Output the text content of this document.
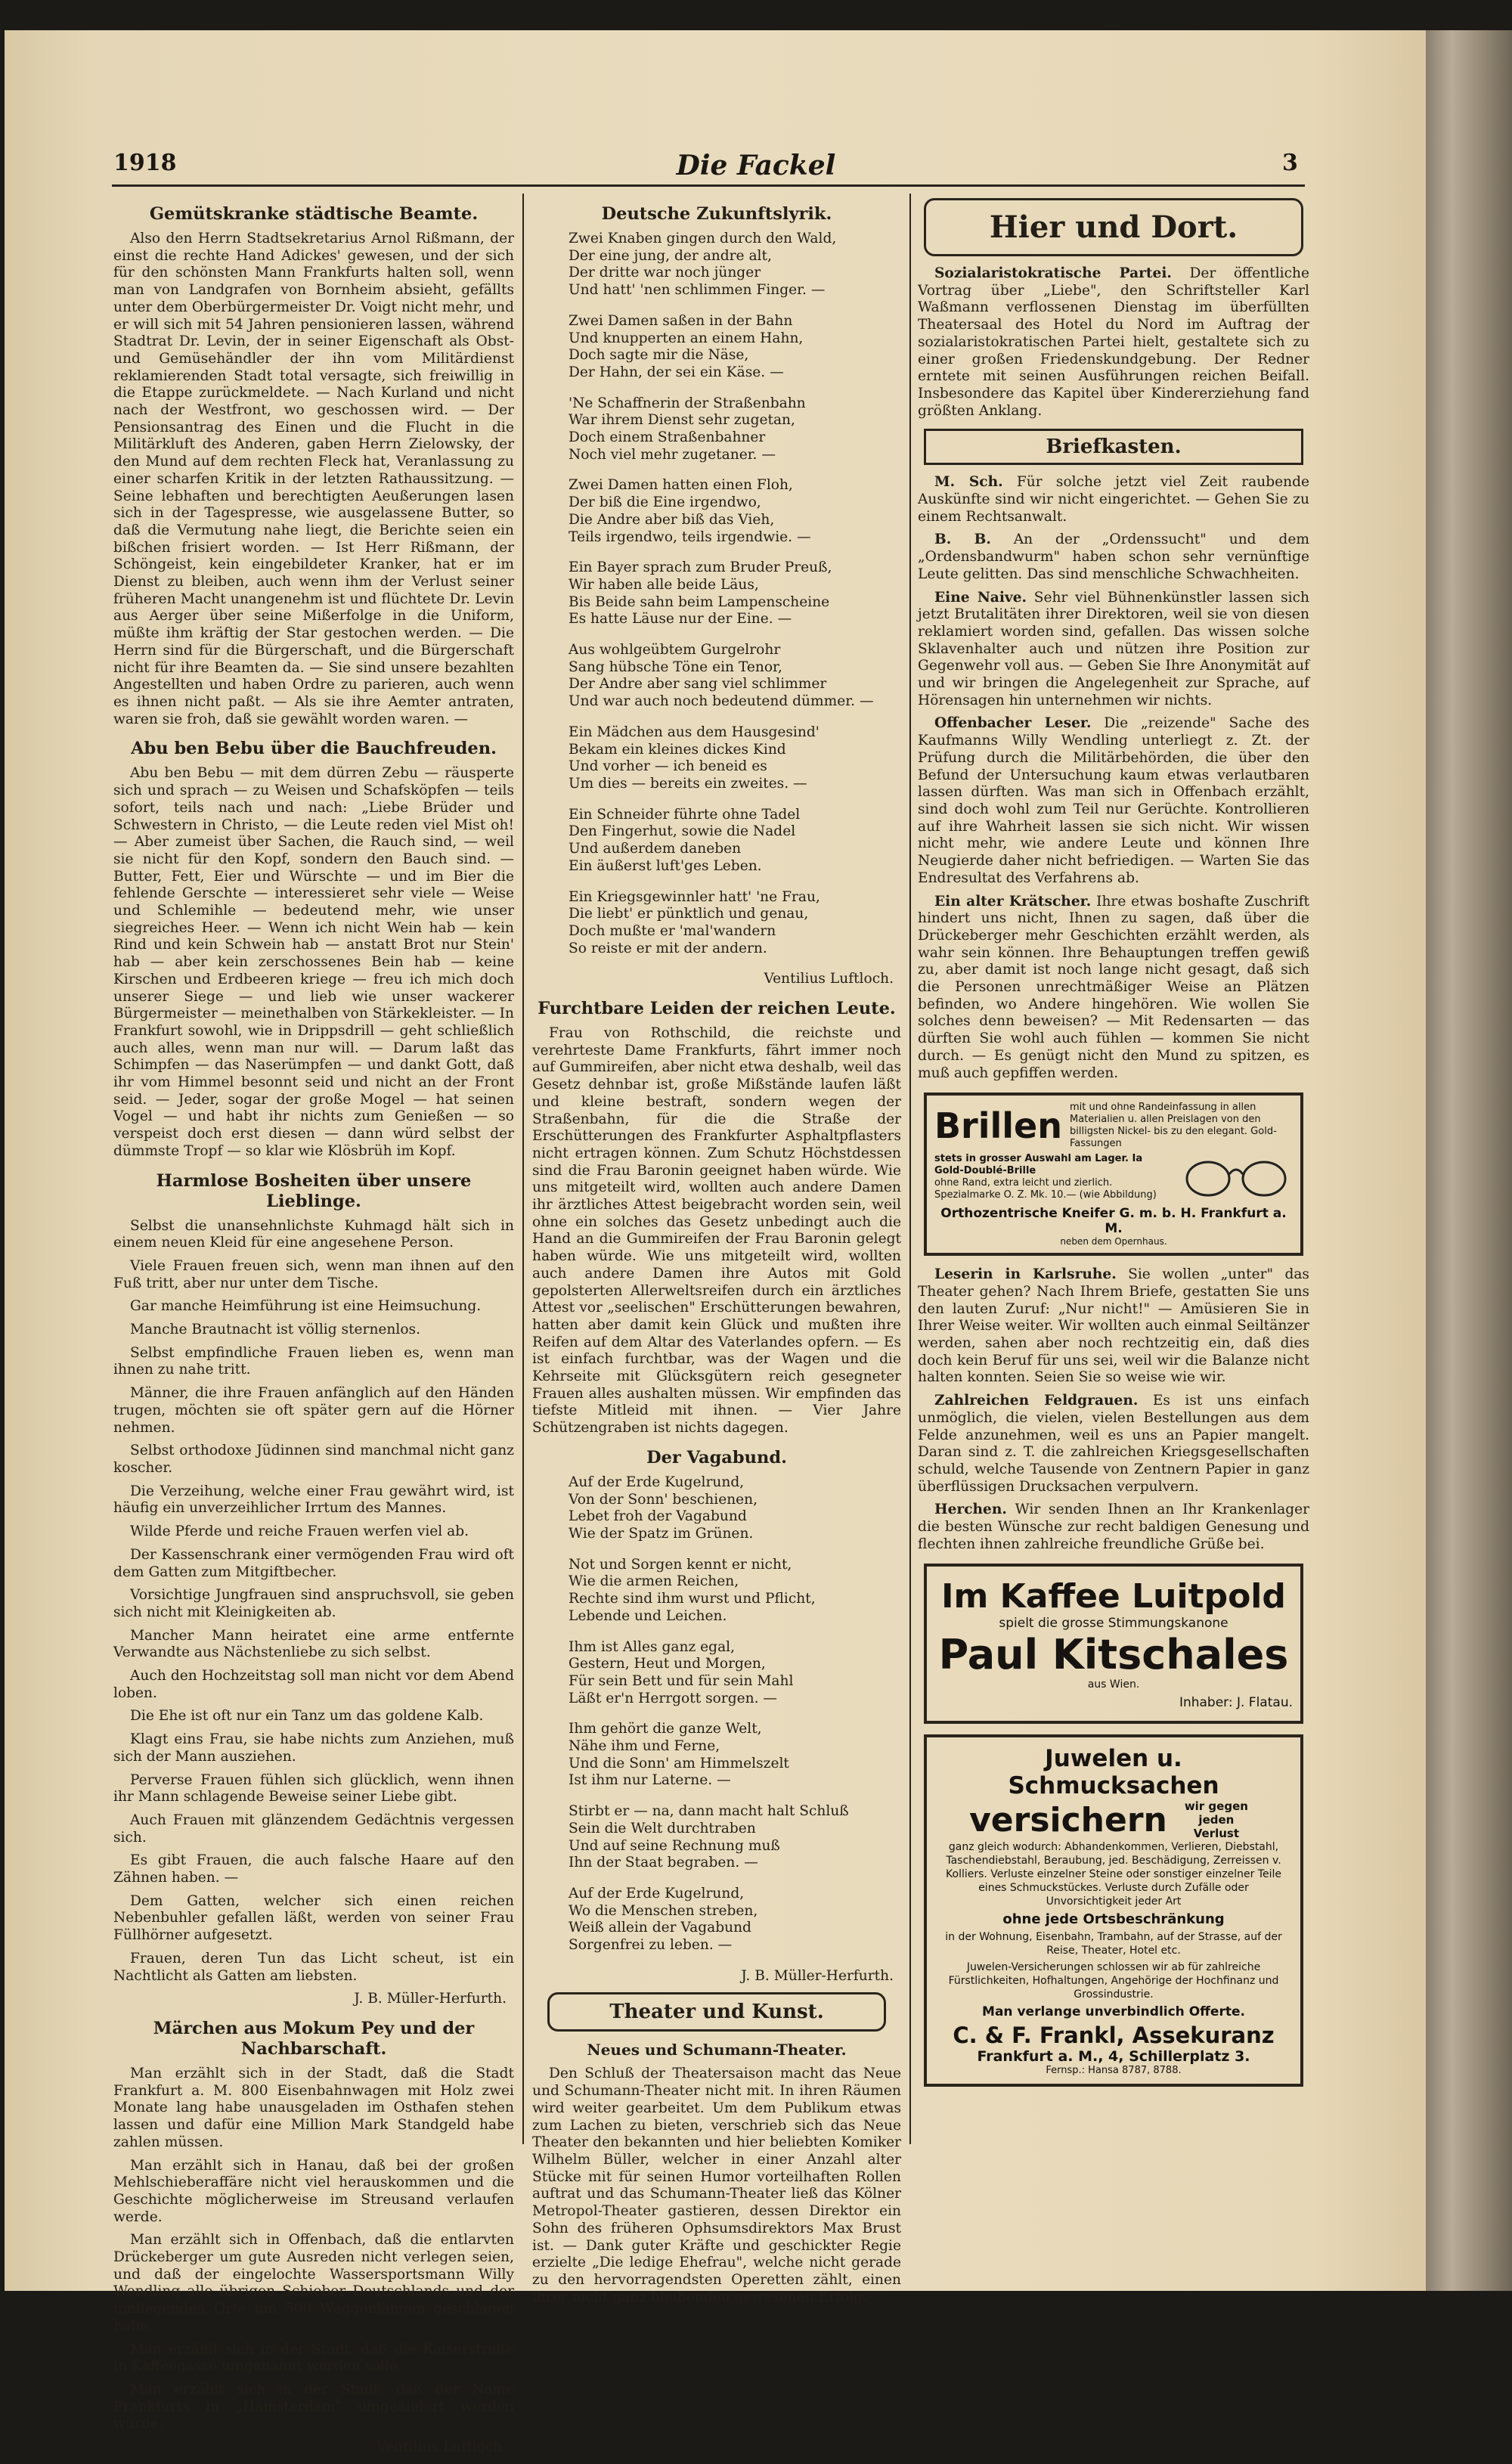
1918	Die Fackel	3
Gemütskranke städtische Beamte.

Also den Herrn Stadtsekretarius Arnol Rißmann, der einst die rechte Hand Adickes' gewesen, und der sich für den schönsten Mann Frankfurts halten soll, wenn man von Landgrafen von Bornheim absieht, gefällts unter dem Oberbürgermeister Dr. Voigt nicht mehr, und er will sich mit 54 Jahren pensionieren lassen, während Stadtrat Dr. Levin, der in seiner Eigenschaft als Obst- und Gemüsehändler der ihn vom Militärdienst reklamierenden Stadt total versagte, sich freiwillig in die Etappe zurückmeldete. — Nach Kurland und nicht nach der Westfront, wo geschossen wird. — Der Pensionsantrag des Einen und die Flucht in die Militärkluft des Anderen, gaben Herrn Zielowsky, der den Mund auf dem rechten Fleck hat, Veranlassung zu einer scharfen Kritik in der letzten Rathaussitzung. — Seine lebhaften und berechtigten Aeußerungen lasen sich in der Tagespresse, wie ausgelassene Butter, so daß die Vermutung nahe liegt, die Berichte seien ein bißchen frisiert worden. — Ist Herr Rißmann, der Schöngeist, kein eingebildeter Kranker, hat er im Dienst zu bleiben, auch wenn ihm der Verlust seiner früheren Macht unangenehm ist und flüchtete Dr. Levin aus Aerger über seine Mißerfolge in die Uniform, müßte ihm kräftig der Star gestochen werden. — Die Herrn sind für die Bürgerschaft, und die Bürgerschaft nicht für ihre Beamten da. — Sie sind unsere bezahlten Angestellten und haben Ordre zu parieren, auch wenn es ihnen nicht paßt. — Als sie ihre Aemter antraten, waren sie froh, daß sie gewählt worden waren. —

Abu ben Bebu über die Bauchfreuden.

Abu ben Bebu — mit dem dürren Zebu — räusperte sich und sprach — zu Weisen und Schafsköpfen — teils sofort, teils nach und nach: „Liebe Brüder und Schwestern in Christo, — die Leute reden viel Mist oh! — Aber zumeist über Sachen, die Rauch sind, — weil sie nicht für den Kopf, sondern den Bauch sind. — Butter, Fett, Eier und Würschte — und im Bier die fehlende Gerschte — interessieret sehr viele — Weise und Schlemihle — bedeutend mehr, wie unser siegreiches Heer. — Wenn ich nicht Wein hab — kein Rind und kein Schwein hab — anstatt Brot nur Stein' hab — aber kein zerschossenes Bein hab — keine Kirschen und Erdbeeren kriege — freu ich mich doch unserer Siege — und lieb wie unser wackerer Bürgermeister — meinethalben von Stärkekleister. — In Frankfurt sowohl, wie in Drippsdrill — geht schließlich auch alles, wenn man nur will. — Darum laßt das Schimpfen — das Naserümpfen — und dankt Gott, daß ihr vom Himmel besonnt seid und nicht an der Front seid. — Jeder, sogar der große Mogel — hat seinen Vogel — und habt ihr nichts zum Genießen — so verspeist doch erst diesen — dann würd selbst der dümmste Tropf — so klar wie Klösbrüh im Kopf.

Harmlose Bosheiten über unsere Lieblinge.

Selbst die unansehnlichste Kuhmagd hält sich in einem neuen Kleid für eine angesehene Person.

Viele Frauen freuen sich, wenn man ihnen auf den Fuß tritt, aber nur unter dem Tische.

Gar manche Heimführung ist eine Heimsuchung.

Manche Brautnacht ist völlig sternenlos.

Selbst empfindliche Frauen lieben es, wenn man ihnen zu nahe tritt.

Männer, die ihre Frauen anfänglich auf den Händen trugen, möchten sie oft später gern auf die Hörner nehmen.

Selbst orthodoxe Jüdinnen sind manchmal nicht ganz koscher.

Die Verzeihung, welche einer Frau gewährt wird, ist häufig ein unverzeihlicher Irrtum des Mannes.

Wilde Pferde und reiche Frauen werfen viel ab.

Der Kassenschrank einer vermögenden Frau wird oft dem Gatten zum Mitgiftbecher.

Vorsichtige Jungfrauen sind anspruchsvoll, sie geben sich nicht mit Kleinigkeiten ab.

Mancher Mann heiratet eine arme entfernte Verwandte aus Nächstenliebe zu sich selbst.

Auch den Hochzeitstag soll man nicht vor dem Abend loben.

Die Ehe ist oft nur ein Tanz um das goldene Kalb.

Klagt eins Frau, sie habe nichts zum Anziehen, muß sich der Mann ausziehen.

Perverse Frauen fühlen sich glücklich, wenn ihnen ihr Mann schlagende Beweise seiner Liebe gibt.

Auch Frauen mit glänzendem Gedächtnis vergessen sich.

Es gibt Frauen, die auch falsche Haare auf den Zähnen haben. —

Dem Gatten, welcher sich einen reichen Nebenbuhler gefallen läßt, werden von seiner Frau Füllhörner aufgesetzt.

Frauen, deren Tun das Licht scheut, ist ein Nachtlicht als Gatten am liebsten.

J. B. Müller-Herfurth.
Märchen aus Mokum Pey und der Nachbarschaft.

Man erzählt sich in der Stadt, daß die Stadt Frankfurt a. M. 800 Eisenbahnwagen mit Holz zwei Monate lang habe unausgeladen im Osthafen stehen lassen und dafür eine Million Mark Standgeld habe zahlen müssen.

Man erzählt sich in Hanau, daß bei der großen Mehlschieberaffäre nicht viel herauskommen und die Geschichte möglicherweise im Streusand verlaufen werde.

Man erzählt sich in Offenbach, daß die entlarvten Drückeberger um gute Ausreden nicht verlegen seien, und daß der eingelochte Wassersportsmann Willy Wendling alle übrigen Schieber Deutschlands und der umliegenden Orte um 500 Waggonlängen geschlagen habe.

Man erzählt sich in der Stadt, daß die Kaiserstraße in Kaffeegasse umgenannt werden solle.

Man erzählt sich in der Stadt, daß der Name Frankfurts in „Hamsterdam" umgeändert werden würde.

Ventilius Luftloch.
Deutsche Zukunftslyrik.
Zwei Knaben gingen durch den Wald,
Der eine jung, der andre alt,
Der dritte war noch jünger
Und hatt' 'nen schlimmen Finger. —
Zwei Damen saßen in der Bahn
Und knupperten an einem Hahn,
Doch sagte mir die Näse,
Der Hahn, der sei ein Käse. —
'Ne Schaffnerin der Straßenbahn
War ihrem Dienst sehr zugetan,
Doch einem Straßenbahner
Noch viel mehr zugetaner. —
Zwei Damen hatten einen Floh,
Der biß die Eine irgendwo,
Die Andre aber biß das Vieh,
Teils irgendwo, teils irgendwie. —
Ein Bayer sprach zum Bruder Preuß,
Wir haben alle beide Läus,
Bis Beide sahn beim Lampenscheine
Es hatte Läuse nur der Eine. —
Aus wohlgeübtem Gurgelrohr
Sang hübsche Töne ein Tenor,
Der Andre aber sang viel schlimmer
Und war auch noch bedeutend dümmer. —
Ein Mädchen aus dem Hausgesind'
Bekam ein kleines dickes Kind
Und vorher — ich beneid es
Um dies — bereits ein zweites. —
Ein Schneider führte ohne Tadel
Den Fingerhut, sowie die Nadel
Und außerdem daneben
Ein äußerst luft'ges Leben.
Ein Kriegsgewinnler hatt' 'ne Frau,
Die liebt' er pünktlich und genau,
Doch mußte er 'mal'wandern
So reiste er mit der andern.
Ventilius Luftloch.
Furchtbare Leiden der reichen Leute.

Frau von Rothschild, die reichste und verehrteste Dame Frankfurts, fährt immer noch auf Gummireifen, aber nicht etwa deshalb, weil das Gesetz dehnbar ist, große Mißstände laufen läßt und kleine bestraft, sondern wegen der Straßenbahn, für die die Straße der Erschütterungen des Frankfurter Asphaltpflasters nicht ertragen können. Zum Schutz Höchstdessen sind die Frau Baronin geeignet haben würde. Wie uns mitgeteilt wird, wollten auch andere Damen ihr ärztliches Attest beigebracht worden sein, weil ohne ein solches das Gesetz unbedingt auch die Hand an die Gummireifen der Frau Baronin gelegt haben würde. Wie uns mitgeteilt wird, wollten auch andere Damen ihre Autos mit Gold gepolsterten Allerweltsreifen durch ein ärztliches Attest vor „seelischen" Erschütterungen bewahren, hatten aber damit kein Glück und mußten ihre Reifen auf dem Altar des Vaterlandes opfern. — Es ist einfach furchtbar, was der Wagen und die Kehrseite mit Glücksgütern reich gesegneter Frauen alles aushalten müssen. Wir empfinden das tiefste Mitleid mit ihnen. — Vier Jahre Schützengraben ist nichts dagegen.

Der Vagabund.
Auf der Erde Kugelrund,
Von der Sonn' beschienen,
Lebet froh der Vagabund
Wie der Spatz im Grünen.
Not und Sorgen kennt er nicht,
Wie die armen Reichen,
Rechte sind ihm wurst und Pflicht,
Lebende und Leichen.
Ihm ist Alles ganz egal,
Gestern, Heut und Morgen,
Für sein Bett und für sein Mahl
Läßt er'n Herrgott sorgen. —
Ihm gehört die ganze Welt,
Nähe ihm und Ferne,
Und die Sonn' am Himmelszelt
Ist ihm nur Laterne. —
Stirbt er — na, dann macht halt Schluß
Sein die Welt durchtraben
Und auf seine Rechnung muß
Ihn der Staat begraben. —
Auf der Erde Kugelrund,
Wo die Menschen streben,
Weiß allein der Vagabund
Sorgenfrei zu leben. —
J. B. Müller-Herfurth.
Theater und Kunst.
Neues und Schumann-Theater.

Den Schluß der Theatersaison macht das Neue und Schumann-Theater nicht mit. In ihren Räumen wird weiter gearbeitet. Um dem Publikum etwas zum Lachen zu bieten, verschrieb sich das Neue Theater den bekannten und hier beliebten Komiker Wilhelm Büller, welcher in einer Anzahl alter Stücke mit für seinen Humor vorteilhaften Rollen auftrat und das Schumann-Theater ließ das Kölner Metropol-Theater gastieren, dessen Direktor ein Sohn des früheren Ophsumsdirektors Max Brust ist. — Dank guter Kräfte und geschickter Regie erzielte „Die ledige Ehefrau", welche nicht gerade zu den hervorragendsten Operetten zählt, einen ihrer nicht ganz bleibenden gewesenen Erfolg.

Hier und Dort.

Sozialaristokratische Partei. Der öffentliche Vortrag über „Liebe", den Schriftsteller Karl Waßmann verflossenen Dienstag im überfüllten Theatersaal des Hotel du Nord im Auftrag der sozialaristokratischen Partei hielt, gestaltete sich zu einer großen Friedenskundgebung. Der Redner erntete mit seinen Ausführungen reichen Beifall. Insbesondere das Kapitel über Kindererziehung fand größten Anklang.

Briefkasten.

M. Sch. Für solche jetzt viel Zeit raubende Auskünfte sind wir nicht eingerichtet. — Gehen Sie zu einem Rechtsanwalt.

B. B. An der „Ordenssucht" und dem „Ordensbandwurm" haben schon sehr vernünftige Leute gelitten. Das sind menschliche Schwachheiten.

Eine Naive. Sehr viel Bühnenkünstler lassen sich jetzt Brutalitäten ihrer Direktoren, weil sie von diesen reklamiert worden sind, gefallen. Das wissen solche Sklavenhalter auch und nützen ihre Position zur Gegenwehr voll aus. — Geben Sie Ihre Anonymität auf und wir bringen die Angelegenheit zur Sprache, auf Hörensagen hin unternehmen wir nichts.

Offenbacher Leser. Die „reizende" Sache des Kaufmanns Willy Wendling unterliegt z. Zt. der Prüfung durch die Militärbehörden, die über den Befund der Untersuchung kaum etwas verlautbaren lassen dürften. Was man sich in Offenbach erzählt, sind doch wohl zum Teil nur Gerüchte. Kontrollieren auf ihre Wahrheit lassen sie sich nicht. Wir wissen nicht mehr, wie andere Leute und können Ihre Neugierde daher nicht befriedigen. — Warten Sie das Endresultat des Verfahrens ab.

Ein alter Krätscher. Ihre etwas boshafte Zuschrift hindert uns nicht, Ihnen zu sagen, daß über die Drückeberger mehr Geschichten erzählt werden, als wahr sein können. Ihre Behauptungen treffen gewiß zu, aber damit ist noch lange nicht gesagt, daß sich die Personen unrechtmäßiger Weise an Plätzen befinden, wo Andere hingehören. Wie wollen Sie solches denn beweisen? — Mit Redensarten — das dürften Sie wohl auch fühlen — kommen Sie nicht durch. — Es genügt nicht den Mund zu spitzen, es muß auch gepfiffen werden.

Brillen mit und ohne Randeinfassung in allen Materialien u. allen Preislagen von den billigsten Nickel- bis zu den elegant. Gold-Fassungen
stets in grosser Auswahl am Lager. Ia Gold-Doublé-Brille
ohne Rand, extra leicht und zierlich. Spezialmarke O. Z. Mk. 10.— (wie Abbildung)
Orthozentrische Kneifer G. m. b. H. Frankfurt a. M.
neben dem Opernhaus.

Leserin in Karlsruhe. Sie wollen „unter" das Theater gehen? Nach Ihrem Briefe, gestatten Sie uns den lauten Zuruf: „Nur nicht!" — Amüsieren Sie in Ihrer Weise weiter. Wir wollten auch einmal Seiltänzer werden, sahen aber noch rechtzeitig ein, daß dies doch kein Beruf für uns sei, weil wir die Balanze nicht halten konnten. Seien Sie so weise wie wir.

Zahlreichen Feldgrauen. Es ist uns einfach unmöglich, die vielen, vielen Bestellungen aus dem Felde anzunehmen, weil es uns an Papier mangelt. Daran sind z. T. die zahlreichen Kriegsgesellschaften schuld, welche Tausende von Zentnern Papier in ganz überflüssigen Drucksachen verpulvern.

Herchen. Wir senden Ihnen an Ihr Krankenlager die besten Wünsche zur recht baldigen Genesung und flechten ihnen zahlreiche freundliche Grüße bei.

Im Kaffee Luitpold
spielt die grosse Stimmungskanone
Paul Kitschales
aus Wien.
Inhaber: J. Flatau.
Juwelen u. Schmucksachen
versichern	wir gegen jeden Verlust
ganz gleich wodurch: Abhandenkommen, Verlieren, Diebstahl, Taschendiebstahl, Beraubung, jed. Beschädigung, Zerreissen v. Kolliers. Verluste einzelner Steine oder sonstiger einzelner Teile eines Schmuckstückes. Verluste durch Zufälle oder Unvorsichtigkeit jeder Art
ohne jede Ortsbeschränkung
in der Wohnung, Eisenbahn, Trambahn, auf der Strasse, auf der Reise, Theater, Hotel etc.
Juwelen-Versicherungen schlossen wir ab für zahlreiche Fürstlichkeiten, Hofhaltungen, Angehörige der Hochfinanz und Grossindustrie.
Man verlange unverbindlich Offerte.
C. & F. Frankl, Assekuranz
Frankfurt a. M., 4, Schillerplatz 3.
Fernsp.: Hansa 8787, 8788.
